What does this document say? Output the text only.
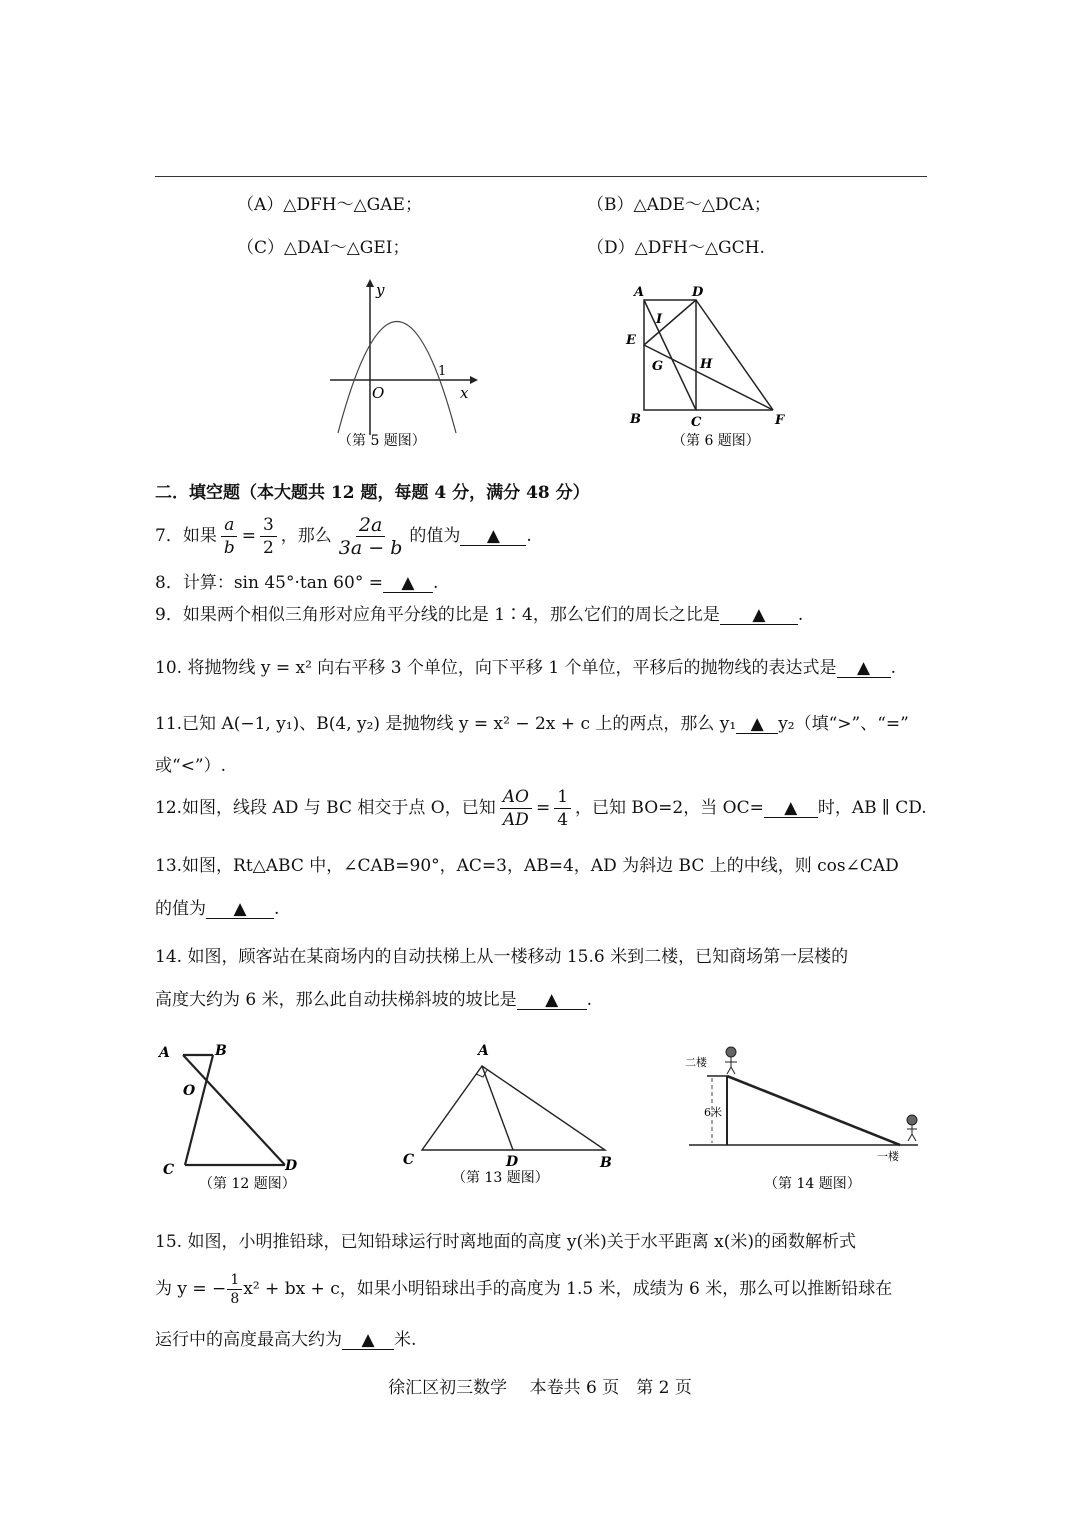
（A）△DFH～△GAE；	（B）△ADE～△DCA；
（C）△DAI～△GEI；	（D）△DFH～△GCH.
y
x
O
1
（第 5 题图）
A	D
I
E
G	H
B	C	F
（第 6 题图）
二．填空题（本大题共 12 题，每题 4 分，满分 48 分）
7．如果 $\frac{a}{b} = \frac{3}{2}$ ，那么 $\frac{2a}{3a - b}$ 的值为 ▲ .
8．计算：sin 45°·tan 60° = ▲ .
9．如果两个相似三角形对应角平分线的比是 1∶4，那么它们的周长之比是 ▲ .
10. 将抛物线 y = x² 向右平移 3 个单位，向下平移 1 个单位，平移后的抛物线的表达式是 ▲ .
11.已知 A(−1, y₁)、B(4, y₂) 是抛物线 y = x² − 2x + c 上的两点，那么 y₁ ▲ y₂（填“>”、“=”
或“<”）.
12.如图，线段 AD 与 BC 相交于点 O，已知 $\frac{AO}{AD} = \frac{1}{4}$ ，已知 BO=2，当 OC= ▲ 时，AB ∥ CD.
13.如图，Rt△ABC 中，∠CAB=90°，AC=3，AB=4，AD 为斜边 BC 上的中线，则 cos∠CAD
的值为 ▲ .
14. 如图，顾客站在某商场内的自动扶梯上从一楼移动 15.6 米到二楼，已知商场第一层楼的
高度大约为 6 米，那么此自动扶梯斜坡的坡比是 ▲ .
A	B
O
C	D
（第 12 题图）
A
C	D	B
（第 13 题图）
二楼
6米
一楼
（第 14 题图）
15. 如图，小明推铅球，已知铅球运行时离地面的高度 y(米)关于水平距离 x(米)的函数解析式
为 y = − $\frac{1}{8} x^2$ + bx + c，如果小明铅球出手的高度为 1.5 米，成绩为 6 米，那么可以推断铅球在
运行中的高度最高大约为 ▲ 米.
徐汇区初三数学　 本卷共 6 页　第 2 页
